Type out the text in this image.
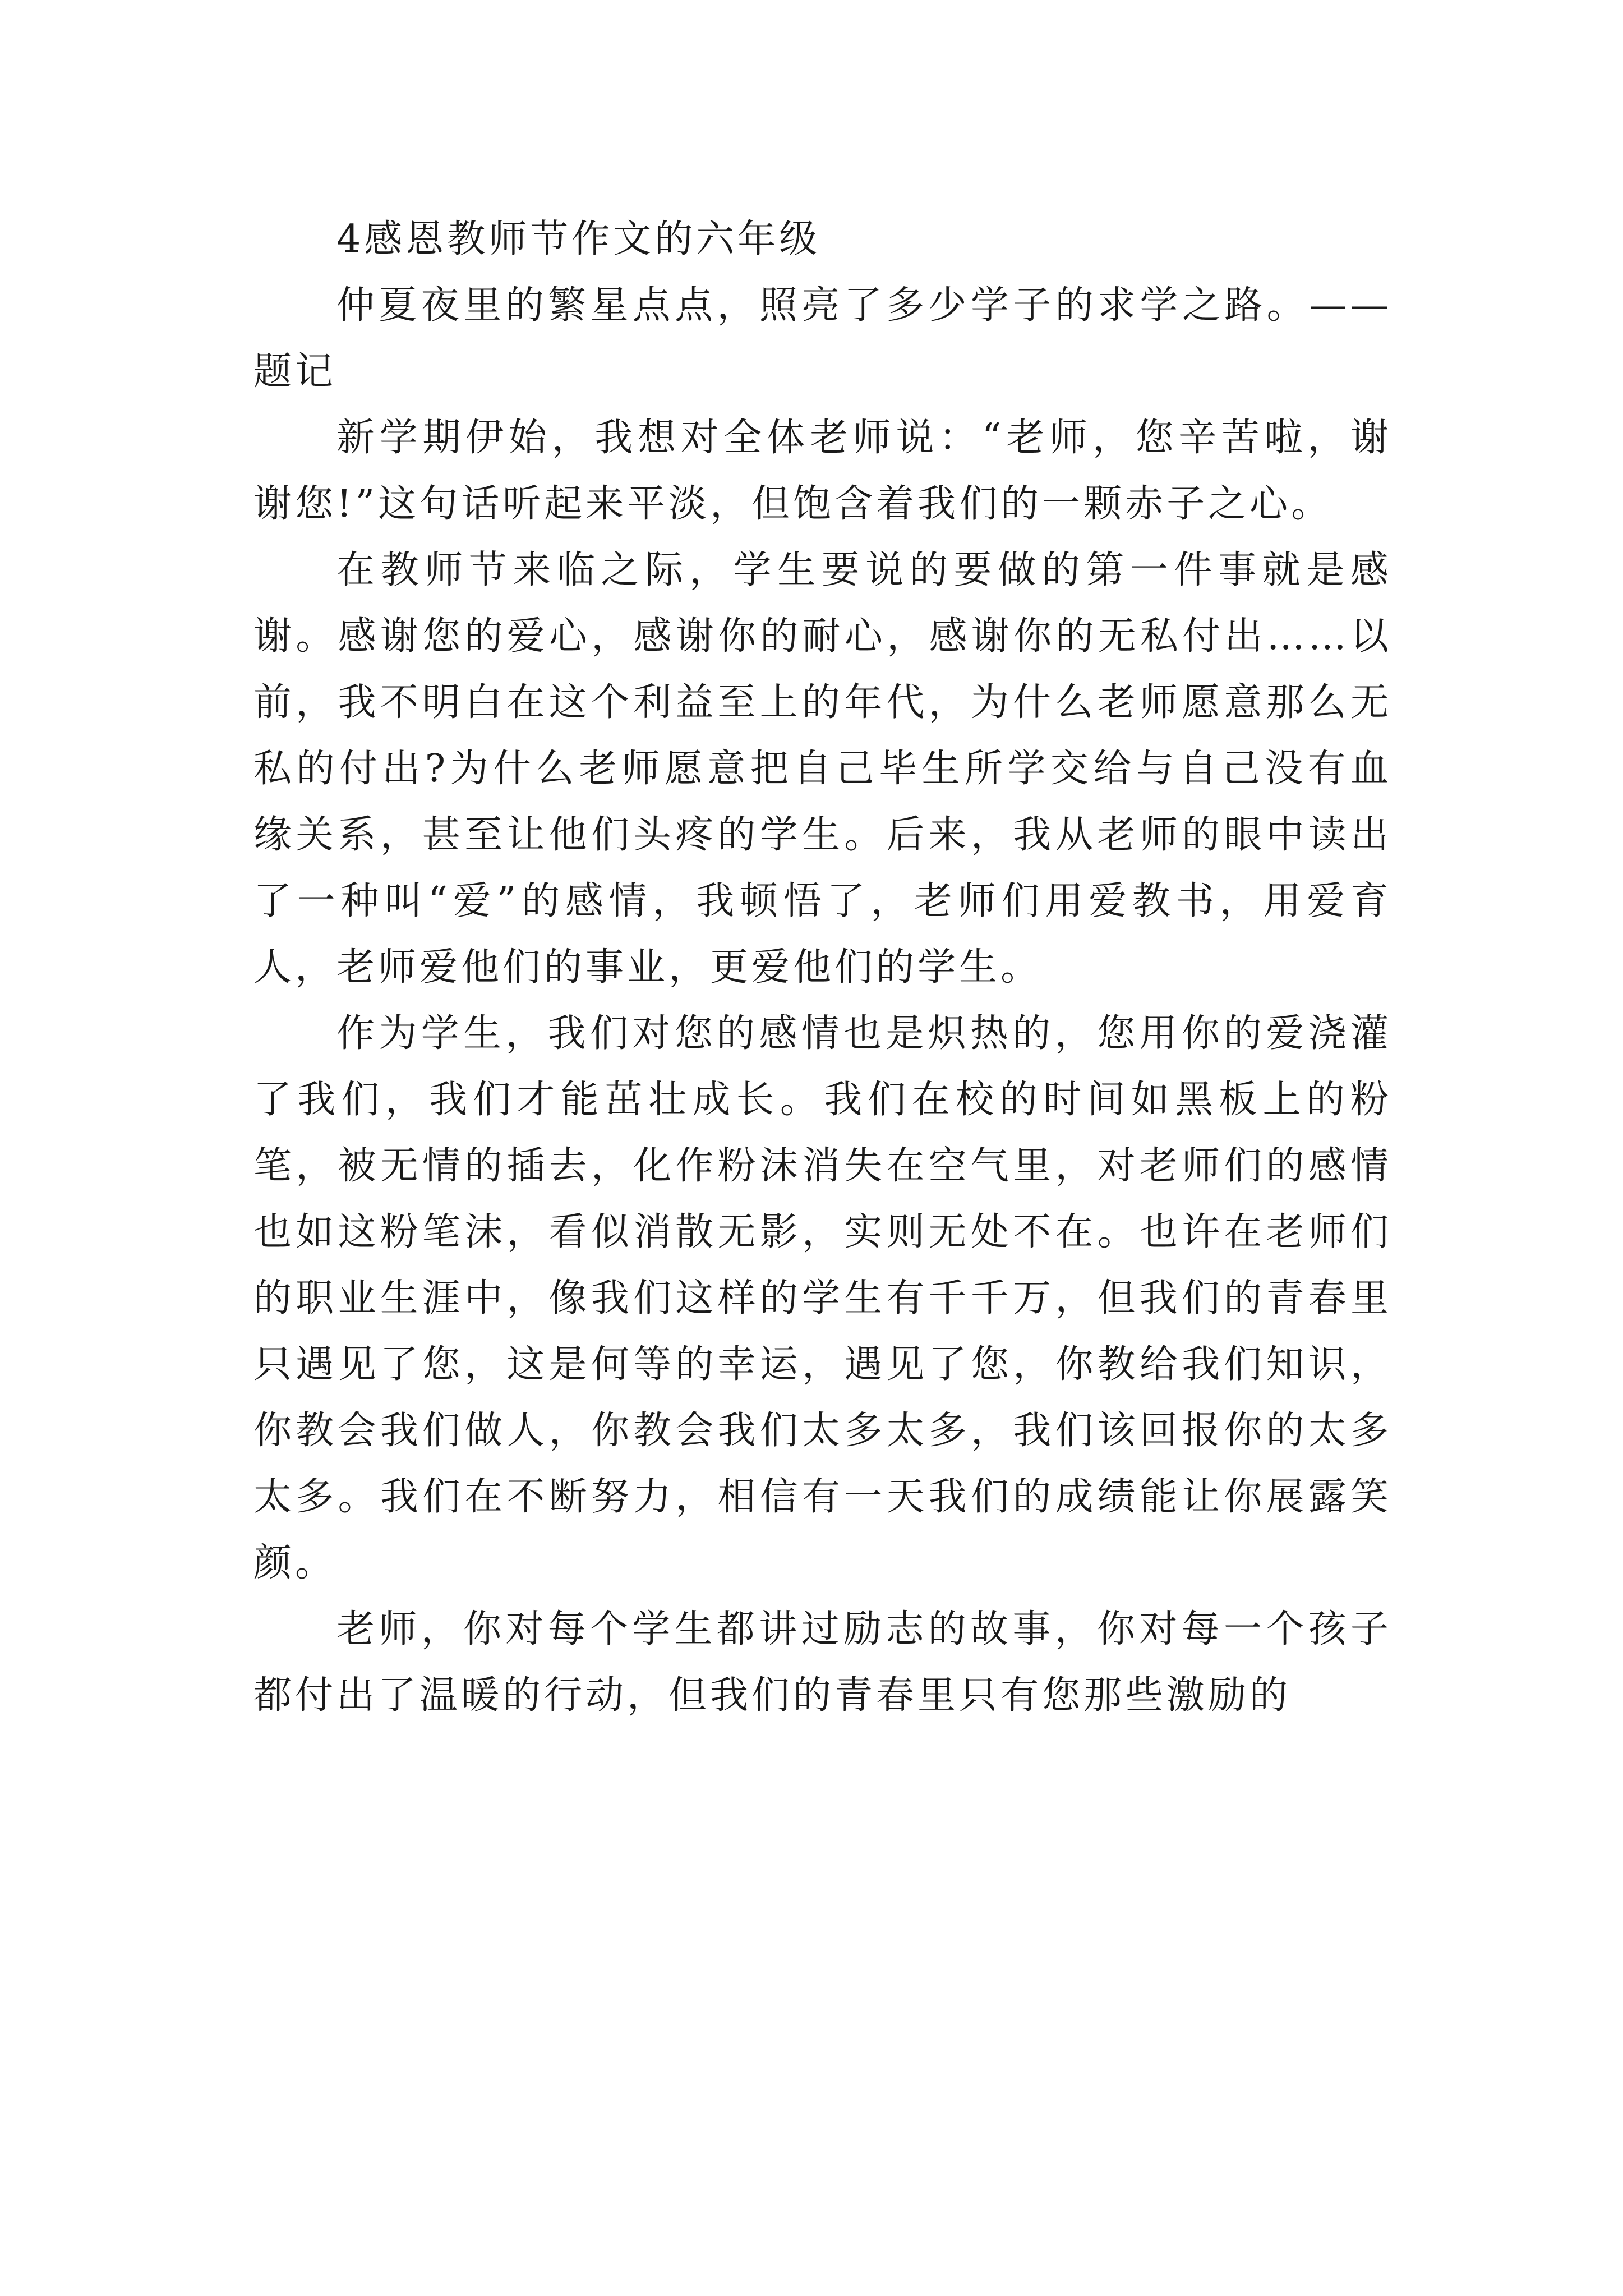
4感恩教师节作文的六年级

仲夏夜里的繁星点点，照亮了多少学子的求学之路。——题记

新学期伊始，我想对全体老师说：“老师，您辛苦啦，谢谢您!”这句话听起来平淡，但饱含着我们的一颗赤子之心。

在教师节来临之际，学生要说的要做的第一件事就是感谢。感谢您的爱心，感谢你的耐心，感谢你的无私付出……以前，我不明白在这个利益至上的年代，为什么老师愿意那么无私的付出?为什么老师愿意把自己毕生所学交给与自己没有血缘关系，甚至让他们头疼的学生。后来，我从老师的眼中读出了一种叫“爱”的感情，我顿悟了，老师们用爱教书，用爱育人，老师爱他们的事业，更爱他们的学生。

作为学生，我们对您的感情也是炽热的，您用你的爱浇灌了我们，我们才能茁壮成长。我们在校的时间如黑板上的粉笔，被无情的插去，化作粉沫消失在空气里，对老师们的感情也如这粉笔沫，看似消散无影，实则无处不在。也许在老师们的职业生涯中，像我们这样的学生有千千万，但我们的青春里只遇见了您，这是何等的幸运，遇见了您，你教给我们知识，你教会我们做人，你教会我们太多太多，我们该回报你的太多太多。我们在不断努力，相信有一天我们的成绩能让你展露笑颜。

老师，你对每个学生都讲过励志的故事，你对每一个孩子都付出了温暖的行动，但我们的青春里只有您那些激励的
